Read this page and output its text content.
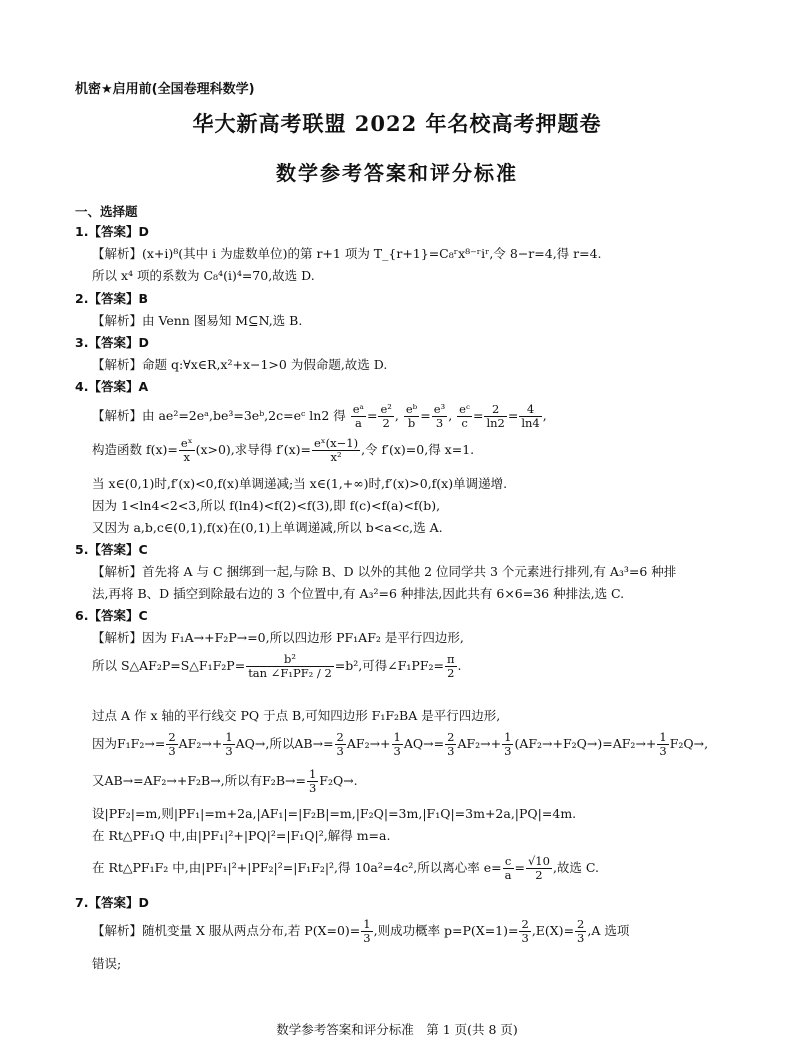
机密★启用前(全国卷理科数学)
华大新高考联盟 2022 年名校高考押题卷
数学参考答案和评分标准
一、选择题
1.【答案】D
【解析】(x+i)⁸(其中 i 为虚数单位)的第 r+1 项为 T_{r+1}=C₈ʳx⁸⁻ʳiʳ,令 8−r=4,得 r=4.
所以 x⁴ 项的系数为 C₈⁴(i)⁴=70,故选 D.
2.【答案】B
【解析】由 Venn 图易知 M⊆N,选 B.
3.【答案】D
【解析】命题 q:∀x∈R,x²+x−1>0 为假命题,故选 D.
4.【答案】A
【解析】由 ae²=2eᵃ,be³=3eᵇ,2c=eᶜ ln2 得 $\frac{\text{eᵃ}}{a} = \frac{\text{e²}}{2}$ , $\frac{\text{eᵇ}}{b} = \frac{\text{e³}}{3}$ , $\frac{\text{eᶜ}}{c} = \frac{2}{\ln 2} = \frac{4}{\ln 4}$ ,
构造函数 $f(x)= \frac{\text{eˣ}}{x} (x>0)$,求导得 $f'(x)= \frac{\text{eˣ(x−1)}}{\text{x²}}$ ,令 f′(x)=0,得 x=1.
当 x∈(0,1)时,f′(x)<0,f(x)单调递减;当 x∈(1,+∞)时,f′(x)>0,f(x)单调递增.
因为 1<ln4<2<3,所以 f(ln4)<f(2)<f(3),即 f(c)<f(a)<f(b),
又因为 a,b,c∈(0,1),f(x)在(0,1)上单调递减,所以 b<a<c,选 A.
5.【答案】C
【解析】首先将 A 与 C 捆绑到一起,与除 B、D 以外的其他 2 位同学共 3 个元素进行排列,有 A₃³=6 种排
法,再将 B、D 插空到除最右边的 3 个位置中,有 A₃²=6 种排法,因此共有 6×6=36 种排法,选 C.
6.【答案】C
【解析】因为 F₁A→+F₂P→=0,所以四边形 PF₁AF₂ 是平行四边形,
所以 S△AF₂P=S△F₁F₂P= $\frac{\text{b²}}{\text{tan ∠F₁PF₂ / 2}} =b^2$,可得∠F₁PF₂= $\frac{\pi}{2}$ .
过点 A 作 x 轴的平行线交 PQ 于点 B,可知四边形 F₁F₂BA 是平行四边形,
因为$F_1F_2\to= \frac{2}{3} AF_2\to+ \frac{1}{3} AQ\to$,所以$AB\to= \frac{2}{3} AF_2\to+ \frac{1}{3} AQ\to= \frac{2}{3} AF_2\to+ \frac{1}{3} (AF_2\to+F_2Q\to)=AF_2\to+ \frac{1}{3} F_2Q\to$,
又AB→=AF₂→+F₂B→,所以有$F_2B\to= \frac{1}{3} F_2Q\to$.
设|PF₂|=m,则|PF₁|=m+2a,|AF₁|=|F₂B|=m,|F₂Q|=3m,|F₁Q|=3m+2a,|PQ|=4m.
在 Rt△PF₁Q 中,由|PF₁|²+|PQ|²=|F₁Q|²,解得 m=a.
在 Rt△PF₁F₂ 中,由|PF₁|²+|PF₂|²=|F₁F₂|²,得 10a²=4c²,所以离心率 $e= \frac{c}{a} = \frac{√10}{2}$ ,故选 C.
7.【答案】D
【解析】随机变量 X 服从两点分布,若 $P(X=0)= \frac{1}{3}$ ,则成功概率 $p=P(X=1)= \frac{2}{3} ,E(X)= \frac{2}{3} ,A$ 选项
错误;
数学参考答案和评分标准　第 1 页(共 8 页)
